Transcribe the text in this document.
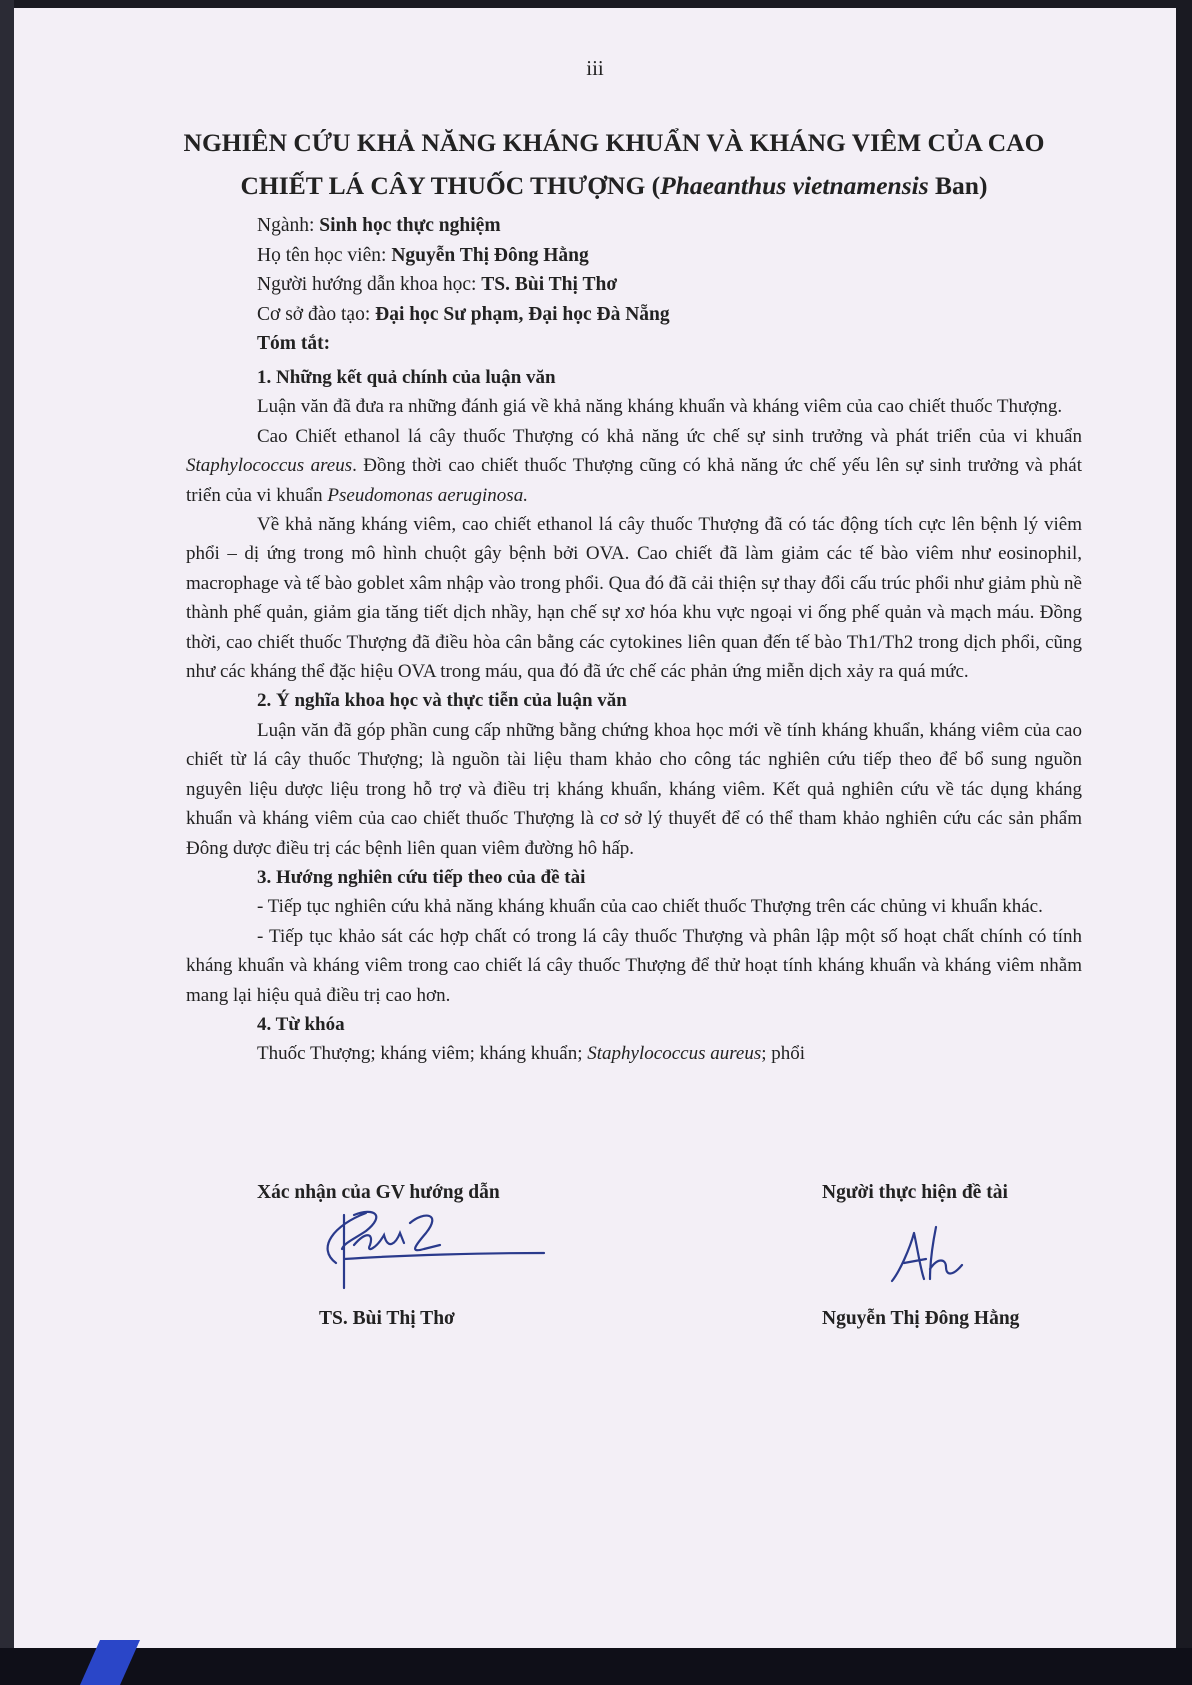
iii
NGHIÊN CỨU KHẢ NĂNG KHÁNG KHUẨN VÀ KHÁNG VIÊM CỦA CAO
CHIẾT LÁ CÂY THUỐC THƯỢNG (Phaeanthus vietnamensis Ban)
Ngành: Sinh học thực nghiệm
Họ tên học viên: Nguyễn Thị Đông Hằng
Người hướng dẫn khoa học: TS. Bùi Thị Thơ
Cơ sở đào tạo: Đại học Sư phạm, Đại học Đà Nẵng
Tóm tắt:
1. Những kết quả chính của luận văn

Luận văn đã đưa ra những đánh giá về khả năng kháng khuẩn và kháng viêm của cao chiết thuốc Thượng.

Cao Chiết ethanol lá cây thuốc Thượng có khả năng ức chế sự sinh trưởng và phát triển của vi khuẩn Staphylococcus areus. Đồng thời cao chiết thuốc Thượng cũng có khả năng ức chế yếu lên sự sinh trưởng và phát triển của vi khuẩn Pseudomonas aeruginosa.

Về khả năng kháng viêm, cao chiết ethanol lá cây thuốc Thượng đã có tác động tích cực lên bệnh lý viêm phổi – dị ứng trong mô hình chuột gây bệnh bởi OVA. Cao chiết đã làm giảm các tế bào viêm như eosinophil, macrophage và tế bào goblet xâm nhập vào trong phổi. Qua đó đã cải thiện sự thay đổi cấu trúc phổi như giảm phù nề thành phế quản, giảm gia tăng tiết dịch nhầy, hạn chế sự xơ hóa khu vực ngoại vi ống phế quản và mạch máu. Đồng thời, cao chiết thuốc Thượng đã điều hòa cân bằng các cytokines liên quan đến tế bào Th1/Th2 trong dịch phổi, cũng như các kháng thể đặc hiệu OVA trong máu, qua đó đã ức chế các phản ứng miễn dịch xảy ra quá mức.

2. Ý nghĩa khoa học và thực tiễn của luận văn

Luận văn đã góp phần cung cấp những bằng chứng khoa học mới về tính kháng khuẩn, kháng viêm của cao chiết từ lá cây thuốc Thượng; là nguồn tài liệu tham khảo cho công tác nghiên cứu tiếp theo để bổ sung nguồn nguyên liệu dược liệu trong hỗ trợ và điều trị kháng khuẩn, kháng viêm. Kết quả nghiên cứu về tác dụng kháng khuẩn và kháng viêm của cao chiết thuốc Thượng là cơ sở lý thuyết để có thể tham khảo nghiên cứu các sản phẩm Đông dược điều trị các bệnh liên quan viêm đường hô hấp.

3. Hướng nghiên cứu tiếp theo của đề tài

- Tiếp tục nghiên cứu khả năng kháng khuẩn của cao chiết thuốc Thượng trên các chủng vi khuẩn khác.

- Tiếp tục khảo sát các hợp chất có trong lá cây thuốc Thượng và phân lập một số hoạt chất chính có tính kháng khuẩn và kháng viêm trong cao chiết lá cây thuốc Thượng để thử hoạt tính kháng khuẩn và kháng viêm nhằm mang lại hiệu quả điều trị cao hơn.

4. Từ khóa

Thuốc Thượng; kháng viêm; kháng khuẩn; Staphylococcus aureus; phổi

Xác nhận của GV hướng dẫn	Người thực hiện đề tài
TS. Bùi Thị Thơ	Nguyễn Thị Đông Hằng
